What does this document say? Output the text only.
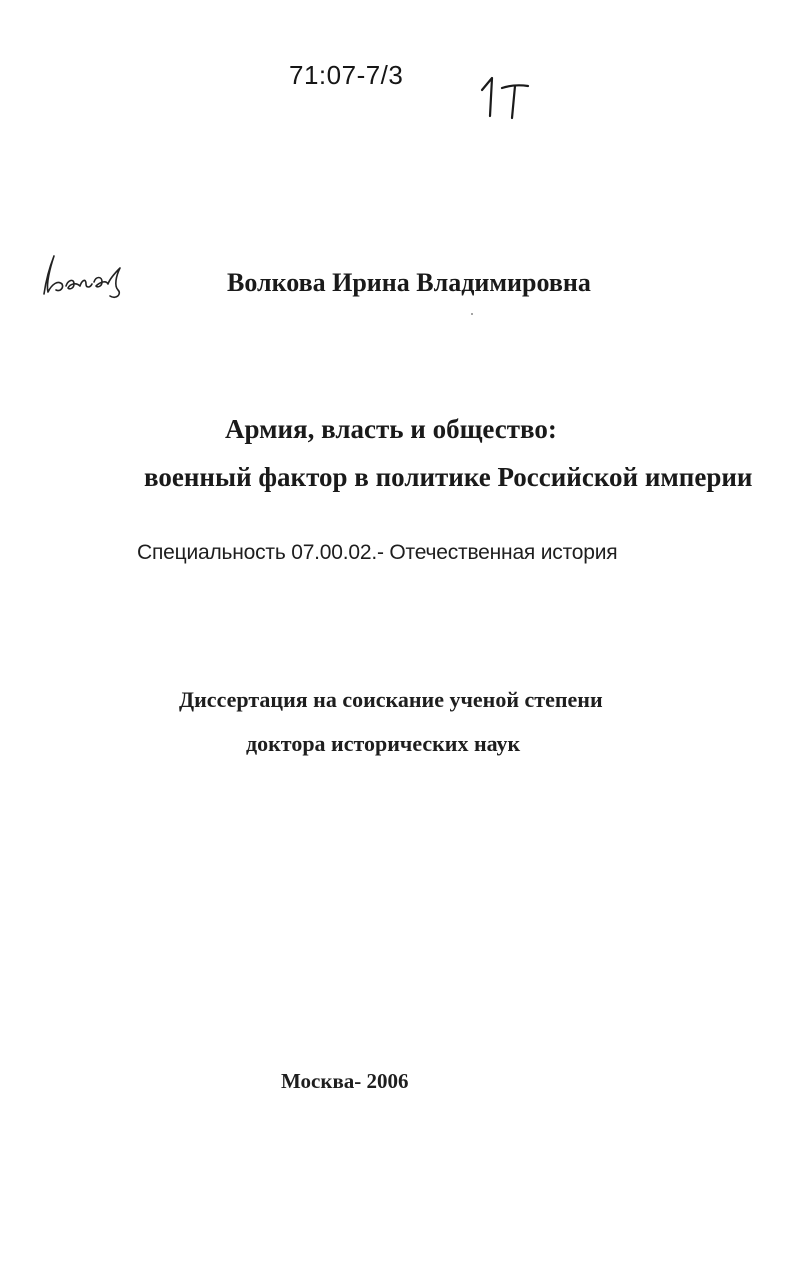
71:07-7/3
Волкова Ирина Владимировна
Армия, власть и общество:
военный фактор в политике Российской империи
Специальность 07.00.02.- Отечественная история
Диссертация на соискание ученой степени
доктора исторических наук
Москва- 2006
